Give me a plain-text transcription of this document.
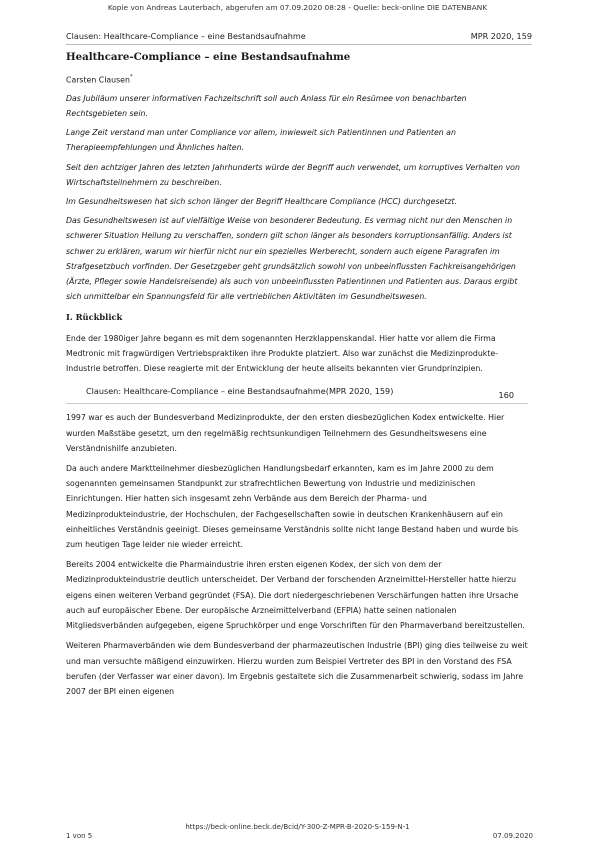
Kopie von Andreas Lauterbach, abgerufen am 07.09.2020 08:28 - Quelle: beck-online DIE DATENBANK
Clausen: Healthcare-Compliance – eine Bestandsaufnahme	MPR 2020, 159
Healthcare-Compliance – eine Bestandsaufnahme
Carsten Clausen*
Das Jubiläum unserer informativen Fachzeitschrift soll auch Anlass für ein Resümee von benachbarten Rechtsgebieten sein.
Lange Zeit verstand man unter Compliance vor allem, inwieweit sich Patientinnen und Patienten an Therapieempfehlungen und Ähnliches halten.
Seit den achtziger Jahren des letzten Jahrhunderts würde der Begriff auch verwendet, um korruptives Verhalten von Wirtschaftsteilnehmern zu beschreiben.
Im Gesundheitswesen hat sich schon länger der Begriff Healthcare Compliance (HCC) durchgesetzt.
Das Gesundheitswesen ist auf vielfältige Weise von besonderer Bedeutung. Es vermag nicht nur den Menschen in schwerer Situation Heilung zu verschaffen, sondern gilt schon länger als besonders korruptionsanfällig. Anders ist schwer zu erklären, warum wir hierfür nicht nur ein spezielles Werberecht, sondern auch eigene Paragrafen im Strafgesetzbuch vorfinden. Der Gesetzgeber geht grundsätzlich sowohl von unbeeinflussten Fachkreisangehörigen (Ärzte, Pfleger sowie Handelsreisende) als auch von unbeeinflussten Patientinnen und Patienten aus. Daraus ergibt sich unmittelbar ein Spannungsfeld für alle vertrieblichen Aktivitäten im Gesundheitswesen.
I. Rückblick

Ende der 1980iger Jahre begann es mit dem sogenannten Herzklappenskandal. Hier hatte vor allem die Firma Medtronic mit fragwürdigen Vertriebspraktiken ihre Produkte platziert. Also war zunächst die Medizinprodukte-Industrie betroffen. Diese reagierte mit der Entwicklung der heute allseits bekannten vier Grundprinzipien.

Clausen: Healthcare-Compliance – eine Bestandsaufnahme(MPR 2020, 159)	160

1997 war es auch der Bundesverband Medizinprodukte, der den ersten diesbezüglichen Kodex entwickelte. Hier wurden Maßstäbe gesetzt, um den regelmäßig rechtsunkundigen Teilnehmern des Gesundheitswesens eine Verständnishilfe anzubieten.

Da auch andere Marktteilnehmer diesbezüglichen Handlungsbedarf erkannten, kam es im Jahre 2000 zu dem sogenannten gemeinsamen Standpunkt zur strafrechtlichen Bewertung von Industrie und medizinischen Einrichtungen. Hier hatten sich insgesamt zehn Verbände aus dem Bereich der Pharma- und Medizinprodukteindustrie, der Hochschulen, der Fachgesellschaften sowie in deutschen Krankenhäusern auf ein einheitliches Verständnis geeinigt. Dieses gemeinsame Verständnis sollte nicht lange Bestand haben und wurde bis zum heutigen Tage leider nie wieder erreicht.

Bereits 2004 entwickelte die Pharmaindustrie ihren ersten eigenen Kodex, der sich von dem der Medizinprodukteindustrie deutlich unterscheidet. Der Verband der forschenden Arzneimittel-Hersteller hatte hierzu eigens einen weiteren Verband gegründet (FSA). Die dort niedergeschriebenen Verschärfungen hatten ihre Ursache auch auf europäischer Ebene. Der europäische Arzneimittelverband (EFPIA) hatte seinen nationalen Mitgliedsverbänden aufgegeben, eigene Spruchkörper und enge Vorschriften für den Pharmaverband bereitzustellen.

Weiteren Pharmaverbänden wie dem Bundesverband der pharmazeutischen Industrie (BPI) ging dies teilweise zu weit und man versuchte mäßigend einzuwirken. Hierzu wurden zum Beispiel Vertreter des BPI in den Vorstand des FSA berufen (der Verfasser war einer davon). Im Ergebnis gestaltete sich die Zusammenarbeit schwierig, sodass im Jahre 2007 der BPI einen eigenen

https://beck-online.beck.de/Bcid/Y-300-Z-MPR-B-2020-S-159-N-1
1 von 5	07.09.2020
